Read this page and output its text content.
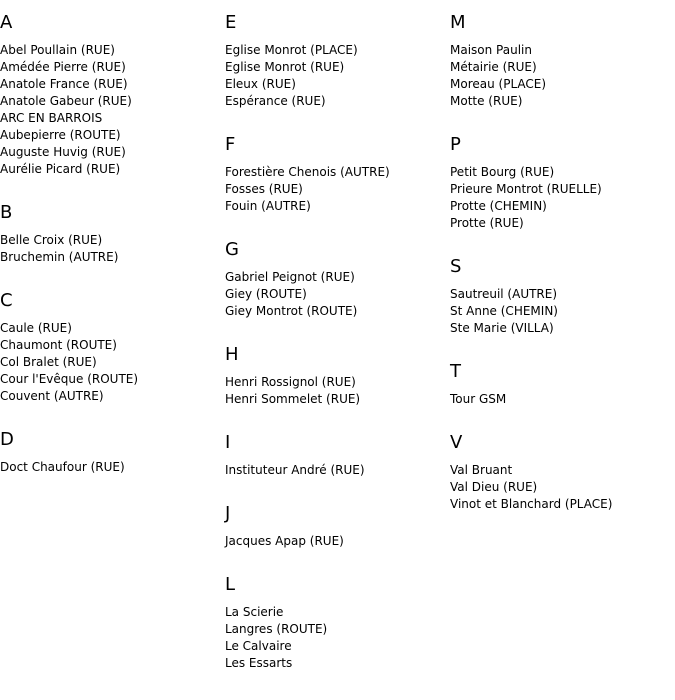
A
Abel Poullain (RUE)
Amédée Pierre (RUE)
Anatole France (RUE)
Anatole Gabeur (RUE)
ARC EN BARROIS
Aubepierre (ROUTE)
Auguste Huvig (RUE)
Aurélie Picard (RUE)
B
Belle Croix (RUE)
Bruchemin (AUTRE)
C
Caule (RUE)
Chaumont (ROUTE)
Col Bralet (RUE)
Cour l'Evêque (ROUTE)
Couvent (AUTRE)
D
Doct Chaufour (RUE)
E
Eglise Monrot (PLACE)
Eglise Monrot (RUE)
Eleux (RUE)
Espérance (RUE)
F
Forestière Chenois (AUTRE)
Fosses (RUE)
Fouin (AUTRE)
G
Gabriel Peignot (RUE)
Giey (ROUTE)
Giey Montrot (ROUTE)
H
Henri Rossignol (RUE)
Henri Sommelet (RUE)
I
Instituteur André (RUE)
J
Jacques Apap (RUE)
L
La Scierie
Langres (ROUTE)
Le Calvaire
Les Essarts
M
Maison Paulin
Métairie (RUE)
Moreau (PLACE)
Motte (RUE)
P
Petit Bourg (RUE)
Prieure Montrot (RUELLE)
Protte (CHEMIN)
Protte (RUE)
S
Sautreuil (AUTRE)
St Anne (CHEMIN)
Ste Marie (VILLA)
T
Tour GSM
V
Val Bruant
Val Dieu (RUE)
Vinot et Blanchard (PLACE)
